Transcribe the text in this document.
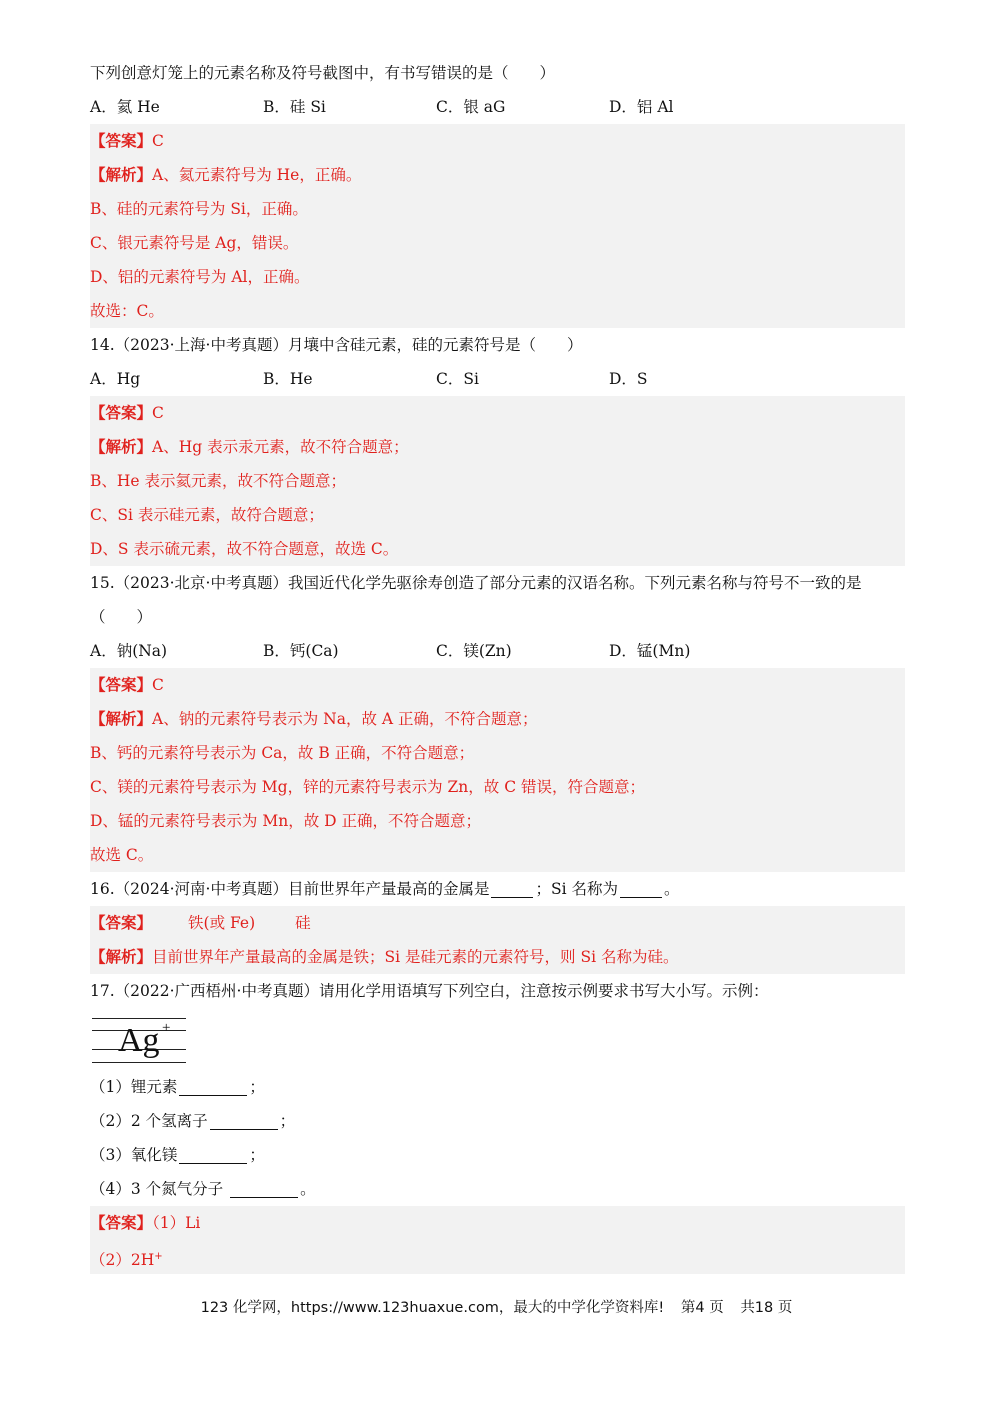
下列创意灯笼上的元素名称及符号截图中，有书写错误的是（　　）
A．氦 He	B．硅 Si	C．银 aG	D．铝 Al
【答案】C
【解析】A、氦元素符号为 He，正确。
B、硅的元素符号为 Si，正确。
C、银元素符号是 Ag，错误。
D、铝的元素符号为 Al，正确。
故选：C。
14.（2023·上海·中考真题）月壤中含硅元素，硅的元素符号是（　　）
A．Hg	B．He	C．Si	D．S
【答案】C
【解析】A、Hg 表示汞元素，故不符合题意；
B、He 表示氦元素，故不符合题意；
C、Si 表示硅元素，故符合题意；
D、S 表示硫元素，故不符合题意，故选 C。
15.（2023·北京·中考真题）我国近代化学先驱徐寿创造了部分元素的汉语名称。下列元素名称与符号不一致的是（　　）
A．钠(Na)	B．钙(Ca)	C．镁(Zn)	D．锰(Mn)
【答案】C
【解析】A、钠的元素符号表示为 Na，故 A 正确，不符合题意；
B、钙的元素符号表示为 Ca，故 B 正确，不符合题意；
C、镁的元素符号表示为 Mg，锌的元素符号表示为 Zn，故 C 错误，符合题意；
D、锰的元素符号表示为 Mn，故 D 正确，不符合题意；
故选 C。
16.（2024·河南·中考真题）目前世界年产量最高的金属是	；Si 名称为	。
【答案】 铁(或 Fe)	硅
【解析】目前世界年产量最高的金属是铁；Si 是硅元素的元素符号，则 Si 名称为硅。
17.（2022·广西梧州·中考真题）请用化学用语填写下列空白，注意按示例要求书写大小写。示例：
Ag +
（1）锂元素	；
（2）2 个氢离子	；
（3）氧化镁	；
（4）3 个氮气分子	。
【答案】（1）Li
（2）2H+
123 化学网，https://www.123huaxue.com，最大的中学化学资料库! 第4 页 共18 页
